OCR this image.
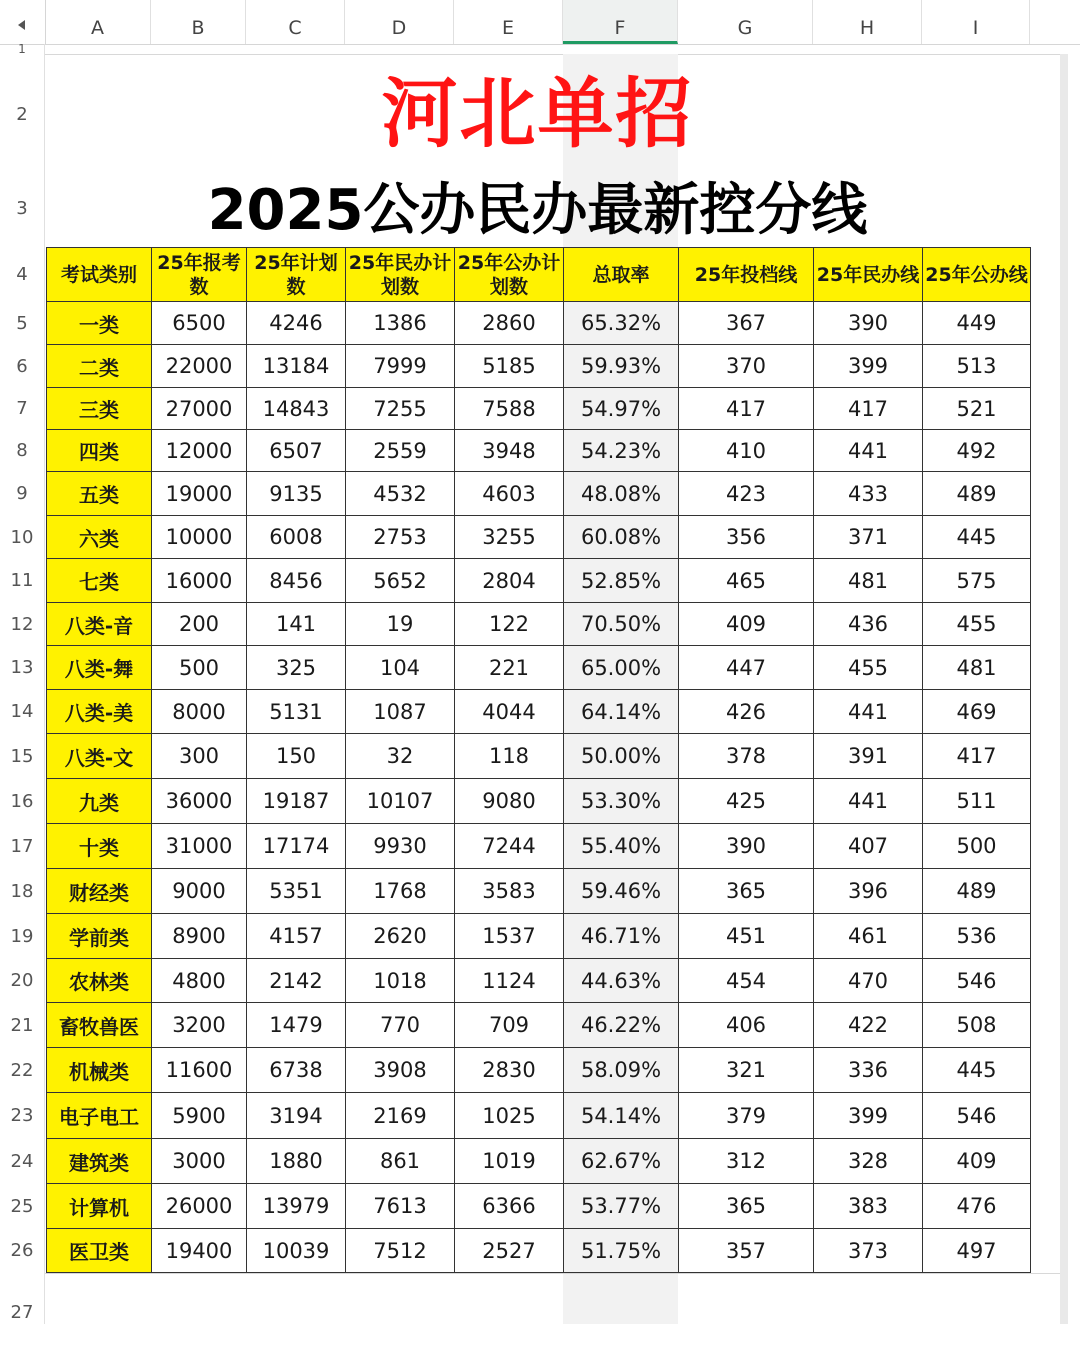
A	B	C	D	E	F	G	H	I
1
2
3
4
5
6
7
8
9
10
11
12
13
14
15
16
17
18
19
20
21
22
23
24
25
26
27
河北单招
2025公办民办最新控分线
考试类别	25年报考数	25年计划数	25年民办计划数	25年公办计划数	总取率	25年投档线	25年民办线	25年公办线
一类	6500	4246	1386	2860	65.32%	367	390	449
二类	22000	13184	7999	5185	59.93%	370	399	513
三类	27000	14843	7255	7588	54.97%	417	417	521
四类	12000	6507	2559	3948	54.23%	410	441	492
五类	19000	9135	4532	4603	48.08%	423	433	489
六类	10000	6008	2753	3255	60.08%	356	371	445
七类	16000	8456	5652	2804	52.85%	465	481	575
八类-音	200	141	19	122	70.50%	409	436	455
八类-舞	500	325	104	221	65.00%	447	455	481
八类-美	8000	5131	1087	4044	64.14%	426	441	469
八类-文	300	150	32	118	50.00%	378	391	417
九类	36000	19187	10107	9080	53.30%	425	441	511
十类	31000	17174	9930	7244	55.40%	390	407	500
财经类	9000	5351	1768	3583	59.46%	365	396	489
学前类	8900	4157	2620	1537	46.71%	451	461	536
农林类	4800	2142	1018	1124	44.63%	454	470	546
畜牧兽医	3200	1479	770	709	46.22%	406	422	508
机械类	11600	6738	3908	2830	58.09%	321	336	445
电子电工	5900	3194	2169	1025	54.14%	379	399	546
建筑类	3000	1880	861	1019	62.67%	312	328	409
计算机	26000	13979	7613	6366	53.77%	365	383	476
医卫类	19400	10039	7512	2527	51.75%	357	373	497
